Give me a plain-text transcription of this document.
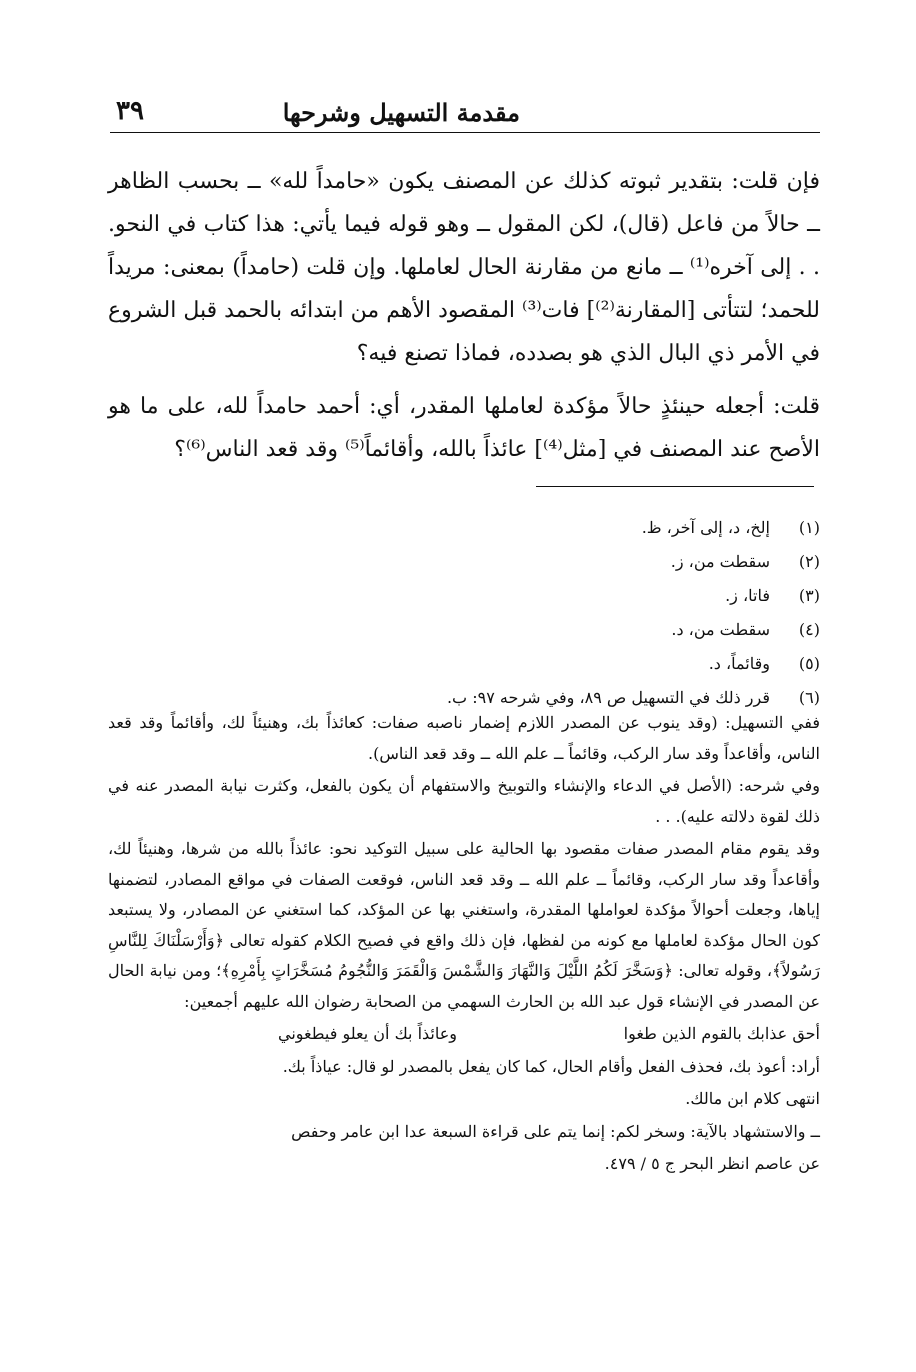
مقدمة التسهيل وشرحها
٣٩

فإن قلت: بتقدير ثبوته كذلك عن المصنف يكون «حامداً لله» ــ بحسب الظاهر ــ حالاً من فاعل (قال)، لكن المقول ــ وهو قوله فيما يأتي: هذا كتاب في النحو. . . إلى آخره⁽¹⁾ ــ مانع من مقارنة الحال لعاملها. وإن قلت (حامداً) بمعنى: مريداً للحمد؛ لتتأتى [المقارنة⁽²⁾] فات⁽³⁾ المقصود الأهم من ابتدائه بالحمد قبل الشروع في الأمر ذي البال الذي هو بصدده، فماذا تصنع فيه؟

قلت: أجعله حينئذٍ حالاً مؤكدة لعاملها المقدر، أي: أحمد حامداً لله، على ما هو الأصح عند المصنف في [مثل⁽⁴⁾] عائذاً بالله، وأقائماً⁽⁵⁾ وقد قعد الناس⁽⁶⁾؟

(١)
إلخ، د، إلى آخر، ظ.
(٢)
سقطت من، ز.
(٣)
فاتا، ز.
(٤)
سقطت من، د.
(٥)
وقائماً، د.
(٦)
قرر ذلك في التسهيل ص ٨٩، وفي شرحه ٩٧: ب.

ففي التسهيل: (وقد ينوب عن المصدر اللازم إضمار ناصبه صفات: كعائذاً بك، وهنيئاً لك، وأقائماً وقد قعد الناس، وأقاعداً وقد سار الركب، وقائماً ــ علم الله ــ وقد قعد الناس).

وفي شرحه: (الأصل في الدعاء والإنشاء والتوبيخ والاستفهام أن يكون بالفعل، وكثرت نيابة المصدر عنه في ذلك لقوة دلالته عليه). . .

وقد يقوم مقام المصدر صفات مقصود بها الحالية على سبيل التوكيد نحو: عائذاً بالله من شرها، وهنيئاً لك، وأقاعداً وقد سار الركب، وقائماً ــ علم الله ــ وقد قعد الناس، فوقعت الصفات في مواقع المصادر، لتضمنها إياها، وجعلت أحوالاً مؤكدة لعواملها المقدرة، واستغني بها عن المؤكد، كما استغني عن المصادر، ولا يستبعد كون الحال مؤكدة لعاملها مع كونه من لفظها، فإن ذلك واقع في فصيح الكلام كقوله تعالى ﴿وَأَرْسَلْنَاكَ لِلنَّاسِ رَسُولاً﴾، وقوله تعالى: ﴿وَسَخَّرَ لَكُمُ اللَّيْلَ وَالنَّهَارَ وَالشَّمْسَ وَالْقَمَرَ وَالنُّجُومُ مُسَخَّرَاتٍ بِأَمْرِهِ﴾؛ ومن نيابة الحال عن المصدر في الإنشاء قول عبد الله بن الحارث السهمي من الصحابة رضوان الله عليهم أجمعين:

أحق عذابك بالقوم الذين طغوا
وعائذاً بك أن يعلو فيطغوني

أراد: أعوذ بك، فحذف الفعل وأقام الحال، كما كان يفعل بالمصدر لو قال: عياذاً بك.

انتهى كلام ابن مالك.

ــ والاستشهاد بالآية: وسخر لكم: إنما يتم على قراءة السبعة عدا ابن عامر وحفص

عن عاصم انظر البحر ج ٥ / ٤٧٩.
